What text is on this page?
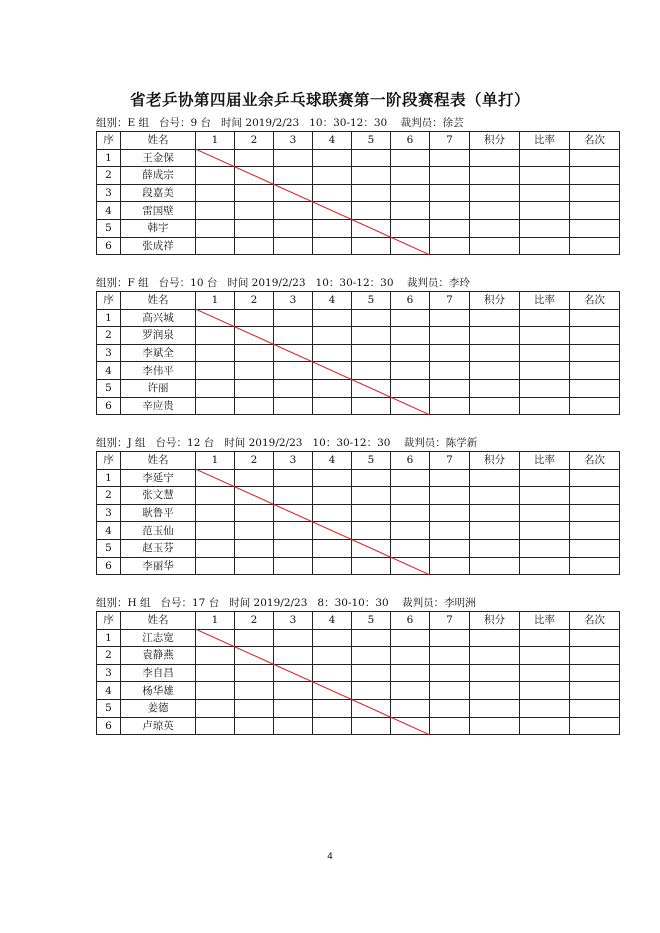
省老乒协第四届业余乒乓球联赛第一阶段赛程表（单打）
组别：E 组   台号：9 台   时间 2019/2/23   10：30-12：30    裁判员：徐芸
序	姓名	1	2	3	4	5	6	7	积分	比率	名次
1	王金保										
2	薛成宗										
3	段嘉美										
4	雷国壁										
5	韩宇										
6	张成祥										
组别：F 组   台号：10 台   时间 2019/2/23   10：30-12：30    裁判员：李玲
序	姓名	1	2	3	4	5	6	7	积分	比率	名次
1	高兴城										
2	罗润泉										
3	李斌全										
4	李伟平										
5	许丽										
6	辛应贵										
组别：J 组   台号：12 台   时间 2019/2/23   10：30-12：30    裁判员：陈学新
序	姓名	1	2	3	4	5	6	7	积分	比率	名次
1	李延宁										
2	张文慧										
3	耿鲁平										
4	范玉仙										
5	赵玉芬										
6	李丽华										
组别：H 组   台号：17 台   时间 2019/2/23   8：30-10：30    裁判员：李明洲
序	姓名	1	2	3	4	5	6	7	积分	比率	名次
1	江志宽										
2	袁静燕										
3	李自昌										
4	杨华雄										
5	姜德										
6	卢琼英										
4
